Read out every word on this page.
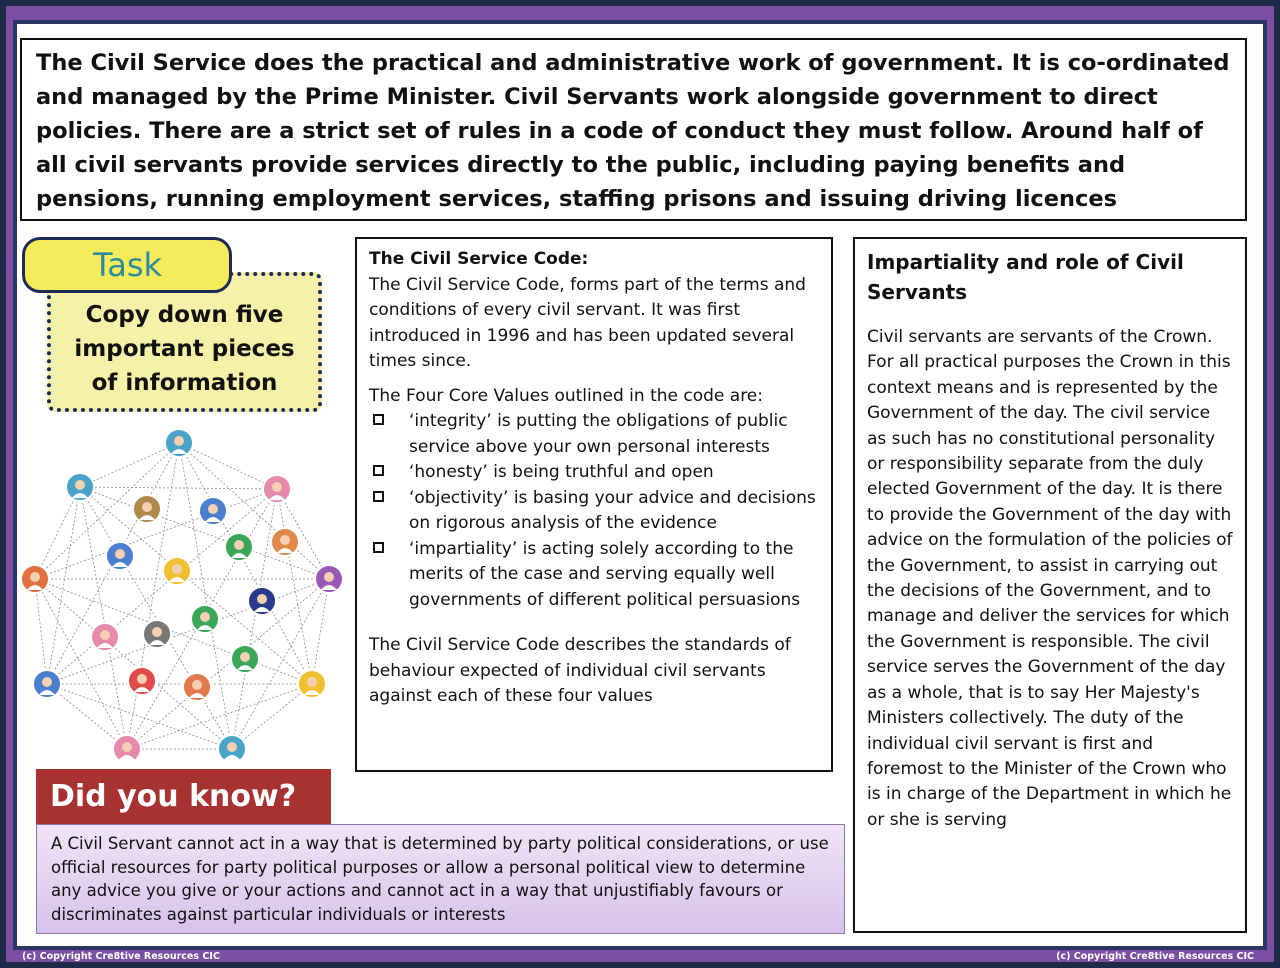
The Civil Service does the practical and administrative work of government. It is co-ordinated and managed by the Prime Minister. Civil Servants work alongside government to direct policies. There are a strict set of rules in a code of conduct they must follow. Around half of all civil servants provide services directly to the public, including paying benefits and pensions, running employment services, staffing prisons and issuing driving licences
Task
Copy down five important pieces of information

The Civil Service Code:

The Civil Service Code, forms part of the terms and conditions of every civil servant. It was first introduced in 1996 and has been updated several times since.

The Four Core Values outlined in the code are:

‘integrity’ is putting the obligations of public service above your own personal interests
‘honesty’ is being truthful and open
‘objectivity’ is basing your advice and decisions on rigorous analysis of the evidence
‘impartiality’ is acting solely according to the merits of the case and serving equally well governments of different political persuasions

The Civil Service Code describes the standards of behaviour expected of individual civil servants against each of these four values

Impartiality and role of Civil Servants
Civil servants are servants of the Crown. For all practical purposes the Crown in this context means and is represented by the Government of the day. The civil service as such has no constitutional personality or responsibility separate from the duly elected Government of the day. It is there to provide the Government of the day with advice on the formulation of the policies of the Government, to assist in carrying out the decisions of the Government, and to manage and deliver the services for which the Government is responsible. The civil service serves the Government of the day as a whole, that is to say Her Majesty's Ministers collectively. The duty of the individual civil servant is first and foremost to the Minister of the Crown who is in charge of the Department in which he or she is serving
Did you know?
A Civil Servant cannot act in a way that is determined by party political considerations, or use official resources for party political purposes or allow a personal political view to determine any advice you give or your actions and cannot act in a way that unjustifiably favours or discriminates against particular individuals or interests
(c) Copyright Cre8tive Resources CIC	(c) Copyright Cre8tive Resources CIC
